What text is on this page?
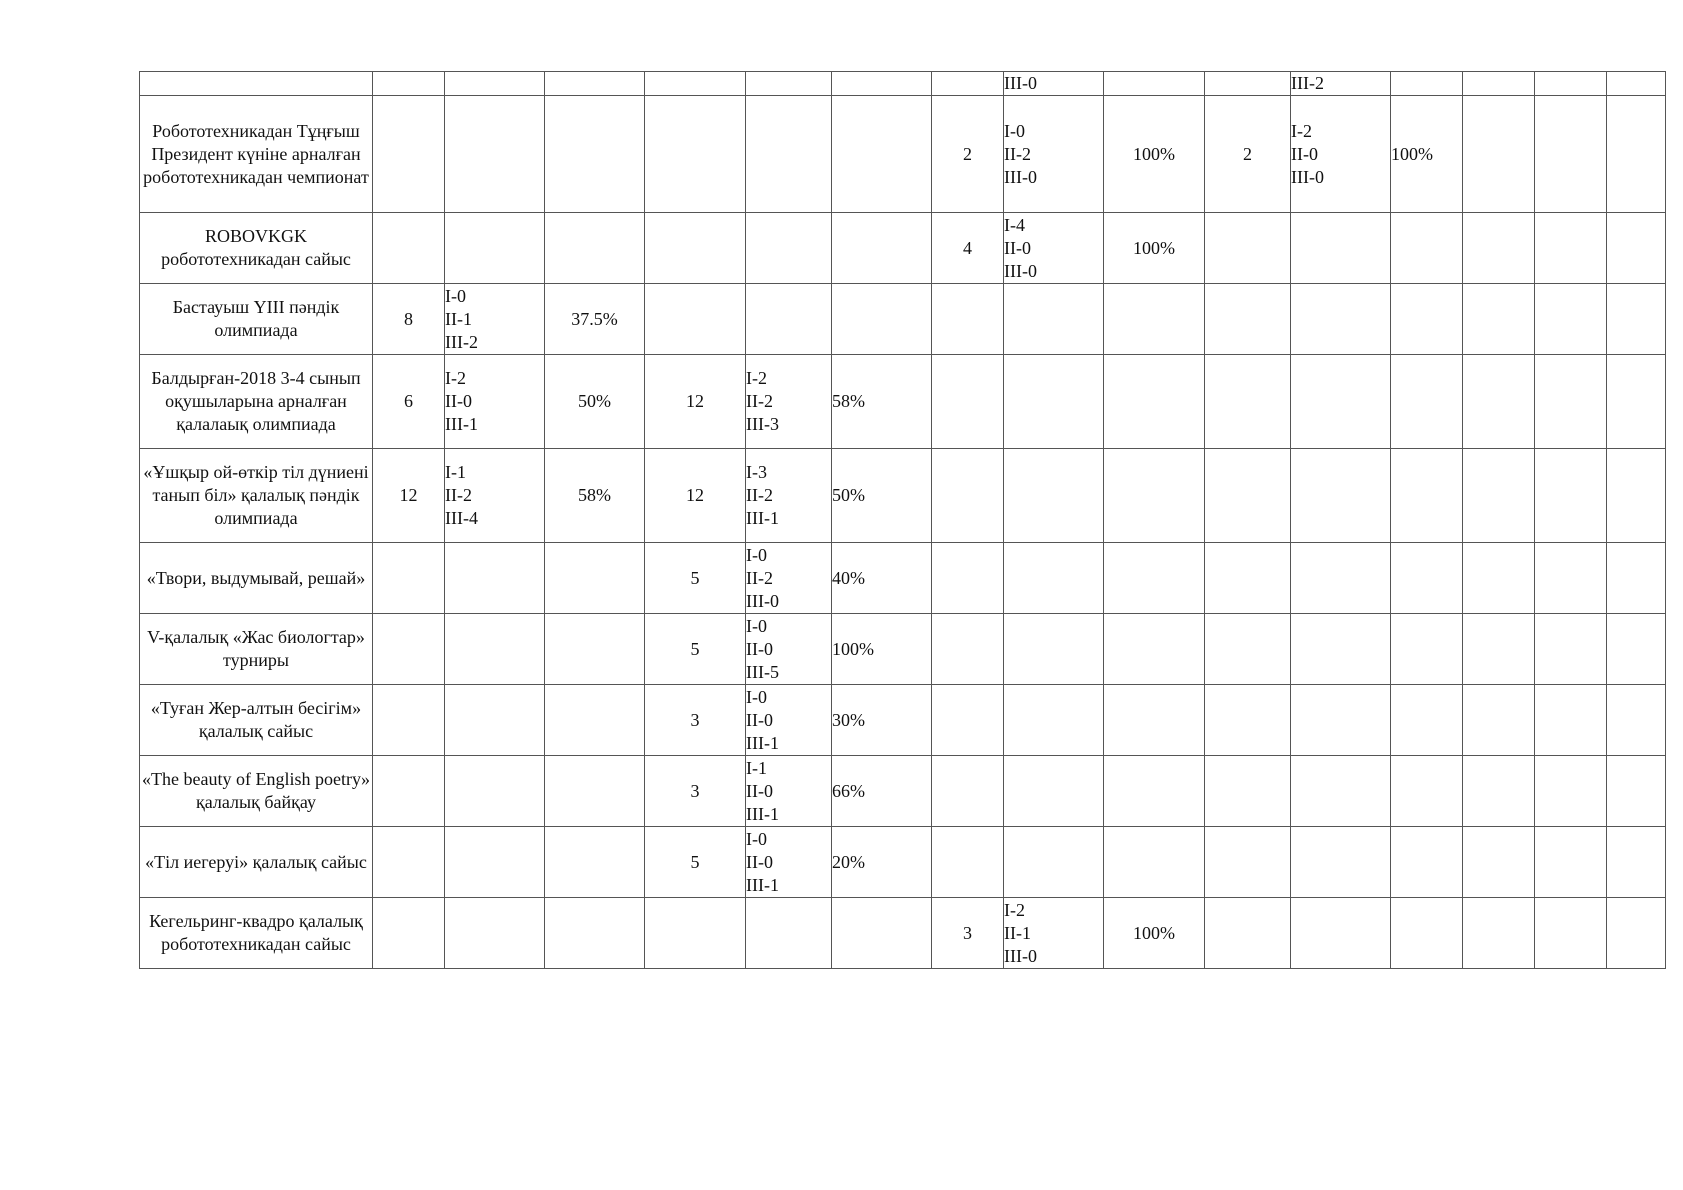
								III-0			III-2				
Робототехникадан Тұңғыш Президент күніне арналған робототехникадан чемпионат							2	I-0
II-2
III-0	100%	2	I-2
II-0
III-0	100%			
ROBOVKGK робототехникадан сайыс							4	I-4
II-0
III-0	100%						
Бастауыш ҮІІІ пәндік олимпиада	8	I-0
II-1
III-2	37.5%												
Балдырған-2018 3-4 сынып оқушыларына арналған қалалаық олимпиада	6	I-2
II-0
III-1	50%	12	I-2
II-2
III-3	58%									
«Ұшқыр ой-өткір тіл дүниені танып біл» қалалық пәндік олимпиада	12	I-1
II-2
III-4	58%	12	I-3
II-2
III-1	50%									
«Твори, выдумывай, решай»				5	I-0
II-2
III-0	40%									
V-қалалық «Жас биологтар» турниры				5	I-0
II-0
III-5	100%									
«Туған Жер-алтын бесігім» қалалық сайыс				3	I-0
II-0
III-1	30%									
«The beauty of English poetry» қалалық байқау				3	I-1
II-0
III-1	66%									
«Тіл иегеруі» қалалық сайыс				5	I-0
II-0
III-1	20%									
Кегельринг-квадро қалалық робототехникадан сайыс							3	I-2
II-1
III-0	100%						
